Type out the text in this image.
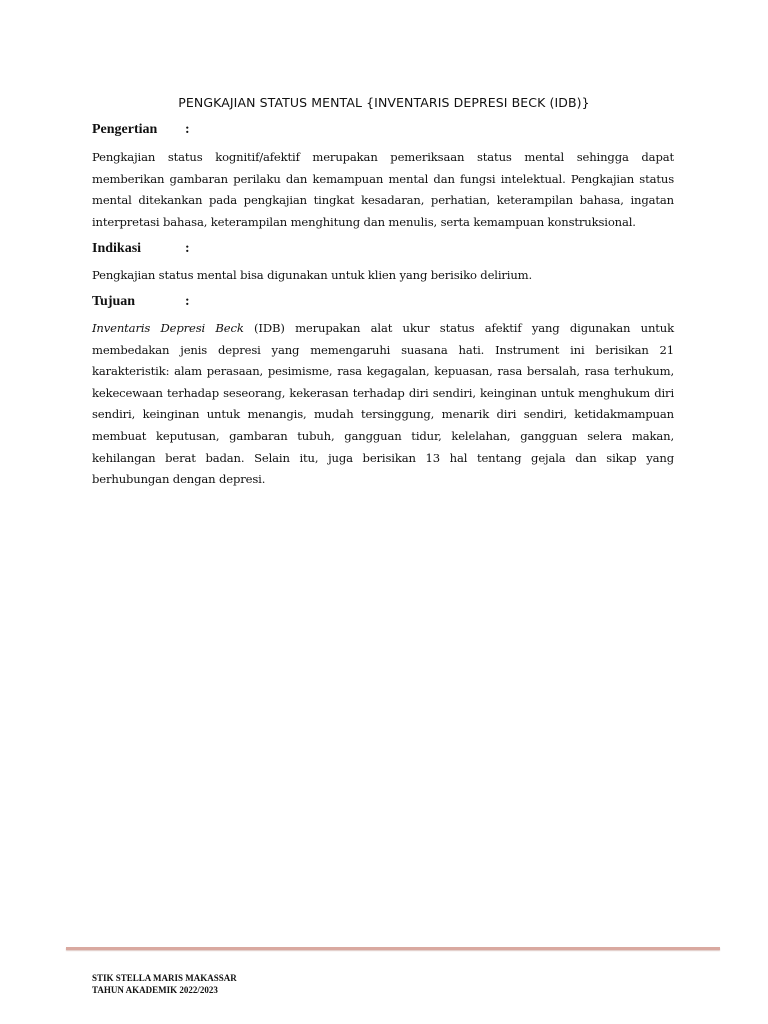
PENGKAJIAN STATUS MENTAL {INVENTARIS DEPRESI BECK (IDB)}
Pengertian :

Pengkajian status kognitif/afektif merupakan pemeriksaan status mental sehingga dapat memberikan gambaran perilaku dan kemampuan mental dan fungsi intelektual. Pengkajian status mental ditekankan pada pengkajian tingkat kesadaran, perhatian, keterampilan bahasa, ingatan interpretasi bahasa, keterampilan menghitung dan menulis, serta kemampuan konstruksional.

Indikasi	:

Pengkajian status mental bisa digunakan untuk klien yang berisiko delirium.

Tujuan	:

Inventaris Depresi Beck (IDB) merupakan alat ukur status afektif yang digunakan untuk membedakan jenis depresi yang memengaruhi suasana hati. Instrument ini berisikan 21 karakteristik: alam perasaan, pesimisme, rasa kegagalan, kepuasan, rasa bersalah, rasa terhukum, kekecewaan terhadap seseorang, kekerasan terhadap diri sendiri, keinginan untuk menghukum diri sendiri, keinginan untuk menangis, mudah tersinggung, menarik diri sendiri, ketidakmampuan membuat keputusan, gambaran tubuh, gangguan tidur, kelelahan, gangguan selera makan, kehilangan berat badan. Selain itu, juga berisikan 13 hal tentang gejala dan sikap yang berhubungan dengan depresi.

STIK STELLA MARIS MAKASSAR
TAHUN AKADEMIK 2022/2023
